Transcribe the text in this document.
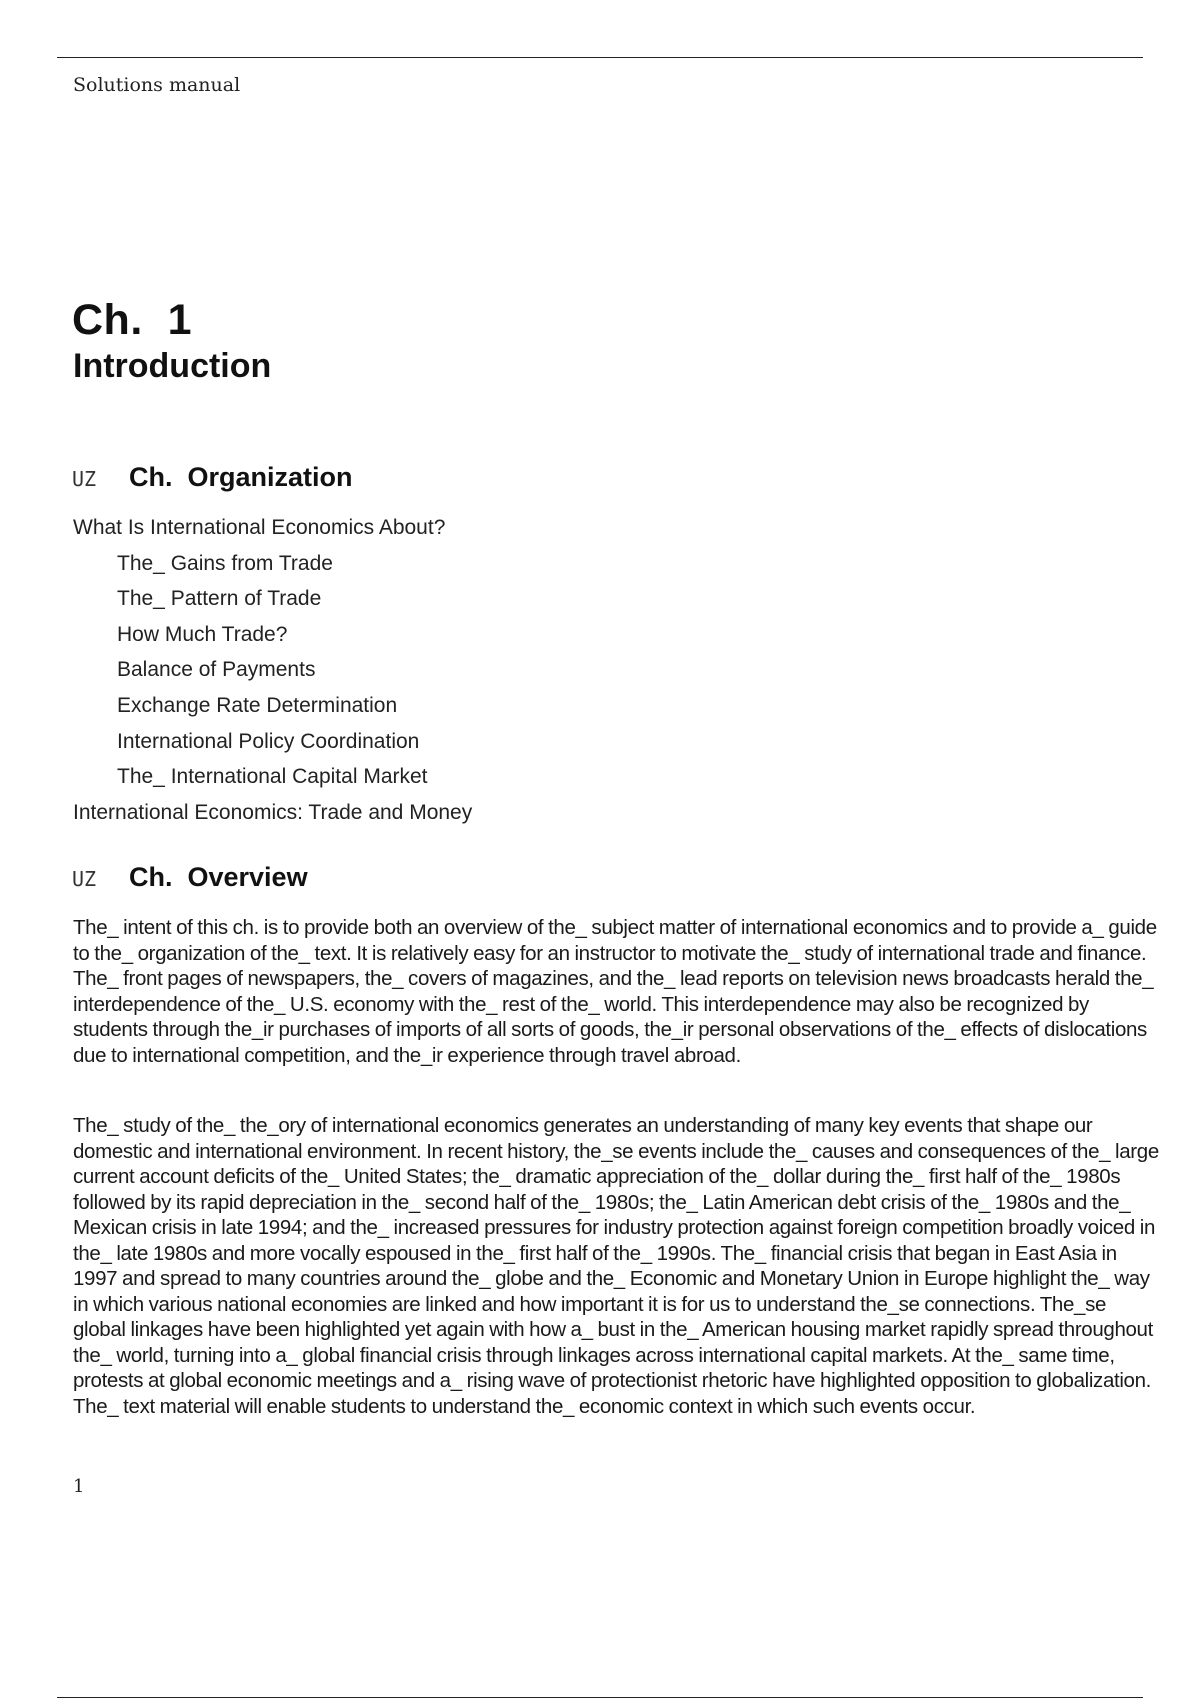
Solutions manual
Ch.  1
Introduction
UZ	Ch.  Organization
What Is International Economics About?
The_ Gains from Trade
The_ Pattern of Trade
How Much Trade?
Balance of Payments
Exchange Rate Determination
International Policy Coordination
The_ International Capital Market
International Economics: Trade and Money
UZ	Ch.  Overview

The_ intent of this ch. is to provide both an overview of the_ subject matter of international economics and to provide a_ guide to the_ organization of the_ text. It is relatively easy for an instructor to motivate the_ study of international trade and finance. The_ front pages of newspapers, the_ covers of magazines, and the_ lead reports on television news broadcasts herald the_ interdependence of the_ U.S. economy with the_ rest of the_ world. This interdependence may also be recognized by students through the_ir purchases of imports of all sorts of goods, the_ir personal observations of the_ effects of dislocations due to international competition, and the_ir experience through travel abroad.

The_ study of the_ the_ory of international economics generates an understanding of many key events that shape our domestic and international environment. In recent history, the_se events include the_ causes and consequences of the_ large current account deficits of the_ United States; the_ dramatic appreciation of the_ dollar during the_ first half of the_ 1980s followed by its rapid depreciation in the_ second half of the_ 1980s; the_ Latin American debt crisis of the_ 1980s and the_ Mexican crisis in late 1994; and the_ increased pressures for industry protection against foreign competition broadly voiced in the_ late 1980s and more vocally espoused in the_ first half of the_ 1990s. The_ financial crisis that began in East Asia in 1997 and spread to many countries around the_ globe and the_ Economic and Monetary Union in Europe highlight the_ way in which various national economies are linked and how important it is for us to understand the_se connections. The_se global linkages have been highlighted yet again with how a_ bust in the_ American housing market rapidly spread throughout the_ world, turning into a_ global financial crisis through linkages across international capital markets. At the_ same time, protests at global economic meetings and a_ rising wave of protectionist rhetoric have highlighted opposition to globalization. The_ text material will enable students to understand the_ economic context in which such events occur.

1
